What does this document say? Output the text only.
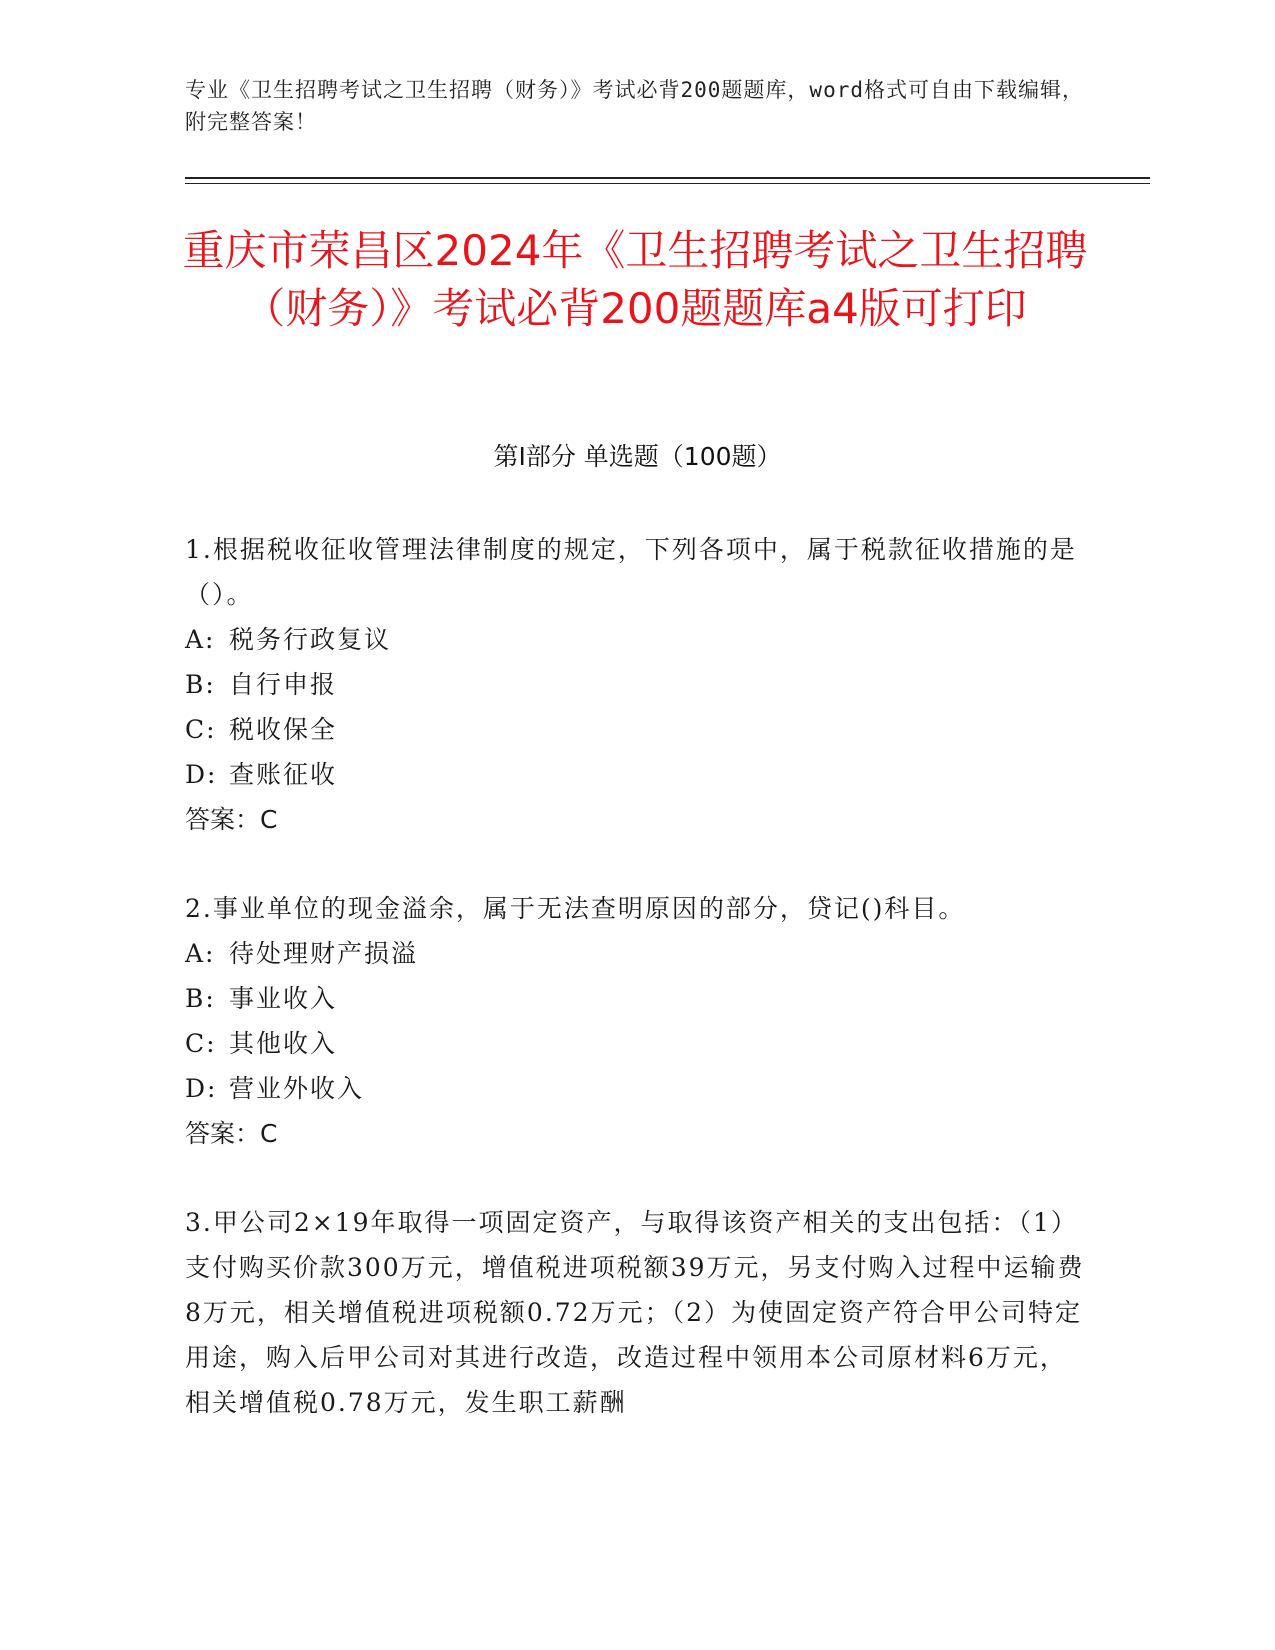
专业《卫生招聘考试之卫生招聘（财务）》考试必背200题题库，word格式可自由下载编辑，附完整答案！
重庆市荣昌区2024年《卫生招聘考试之卫生招聘（财务）》考试必背200题题库a4版可打印
第Ⅰ部分 单选题（100题）
1.根据税收征收管理法律制度的规定，下列各项中，属于税款征收措施的是（）。
A: 税务行政复议
B: 自行申报
C: 税收保全
D: 查账征收
答案：C
2.事业单位的现金溢余，属于无法查明原因的部分，贷记()科目。
A: 待处理财产损溢
B: 事业收入
C: 其他收入
D: 营业外收入
答案：C
3.甲公司2×19年取得一项固定资产，与取得该资产相关的支出包括：（1）支付购买价款300万元，增值税进项税额39万元，另支付购入过程中运输费8万元，相关增值税进项税额0.72万元；（2）为使固定资产符合甲公司特定用途，购入后甲公司对其进行改造，改造过程中领用本公司原材料6万元，相关增值税0.78万元，发生职工薪酬
